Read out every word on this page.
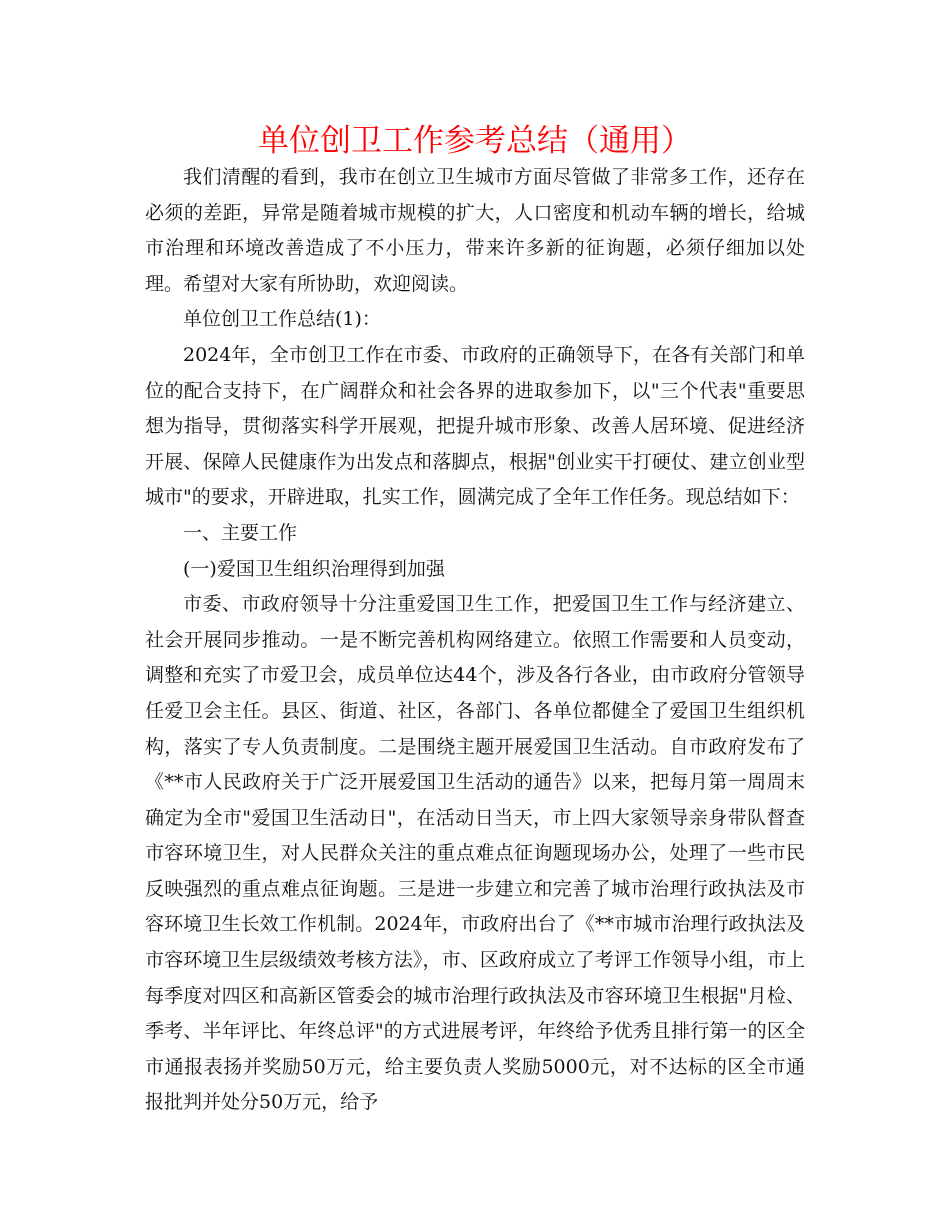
单位创卫工作参考总结（通用）

我们清醒的看到，我市在创立卫生城市方面尽管做了非常多工作，还存在必须的差距，异常是随着城市规模的扩大，人口密度和机动车辆的增长，给城市治理和环境改善造成了不小压力，带来许多新的征询题，必须仔细加以处理。希望对大家有所协助，欢迎阅读。

单位创卫工作总结(1)：

2024年，全市创卫工作在市委、市政府的正确领导下，在各有关部门和单位的配合支持下，在广阔群众和社会各界的进取参加下，以"三个代表"重要思想为指导，贯彻落实科学开展观，把提升城市形象、改善人居环境、促进经济开展、保障人民健康作为出发点和落脚点，根据"创业实干打硬仗、建立创业型城市"的要求，开辟进取，扎实工作，圆满完成了全年工作任务。现总结如下：

一、主要工作

(一)爱国卫生组织治理得到加强

市委、市政府领导十分注重爱国卫生工作，把爱国卫生工作与经济建立、社会开展同步推动。一是不断完善机构网络建立。依照工作需要和人员变动，调整和充实了市爱卫会，成员单位达44个，涉及各行各业，由市政府分管领导任爱卫会主任。县区、街道、社区，各部门、各单位都健全了爱国卫生组织机构，落实了专人负责制度。二是围绕主题开展爱国卫生活动。自市政府发布了《**市人民政府关于广泛开展爱国卫生活动的通告》以来，把每月第一周周末确定为全市"爱国卫生活动日"，在活动日当天，市上四大家领导亲身带队督查市容环境卫生，对人民群众关注的重点难点征询题现场办公，处理了一些市民反映强烈的重点难点征询题。三是进一步建立和完善了城市治理行政执法及市容环境卫生长效工作机制。2024年，市政府出台了《**市城市治理行政执法及市容环境卫生层级绩效考核方法》，市、区政府成立了考评工作领导小组，市上每季度对四区和高新区管委会的城市治理行政执法及市容环境卫生根据"月检、季考、半年评比、年终总评"的方式进展考评，年终给予优秀且排行第一的区全市通报表扬并奖励50万元，给主要负责人奖励5000元，对不达标的区全市通报批判并处分50万元，给予
